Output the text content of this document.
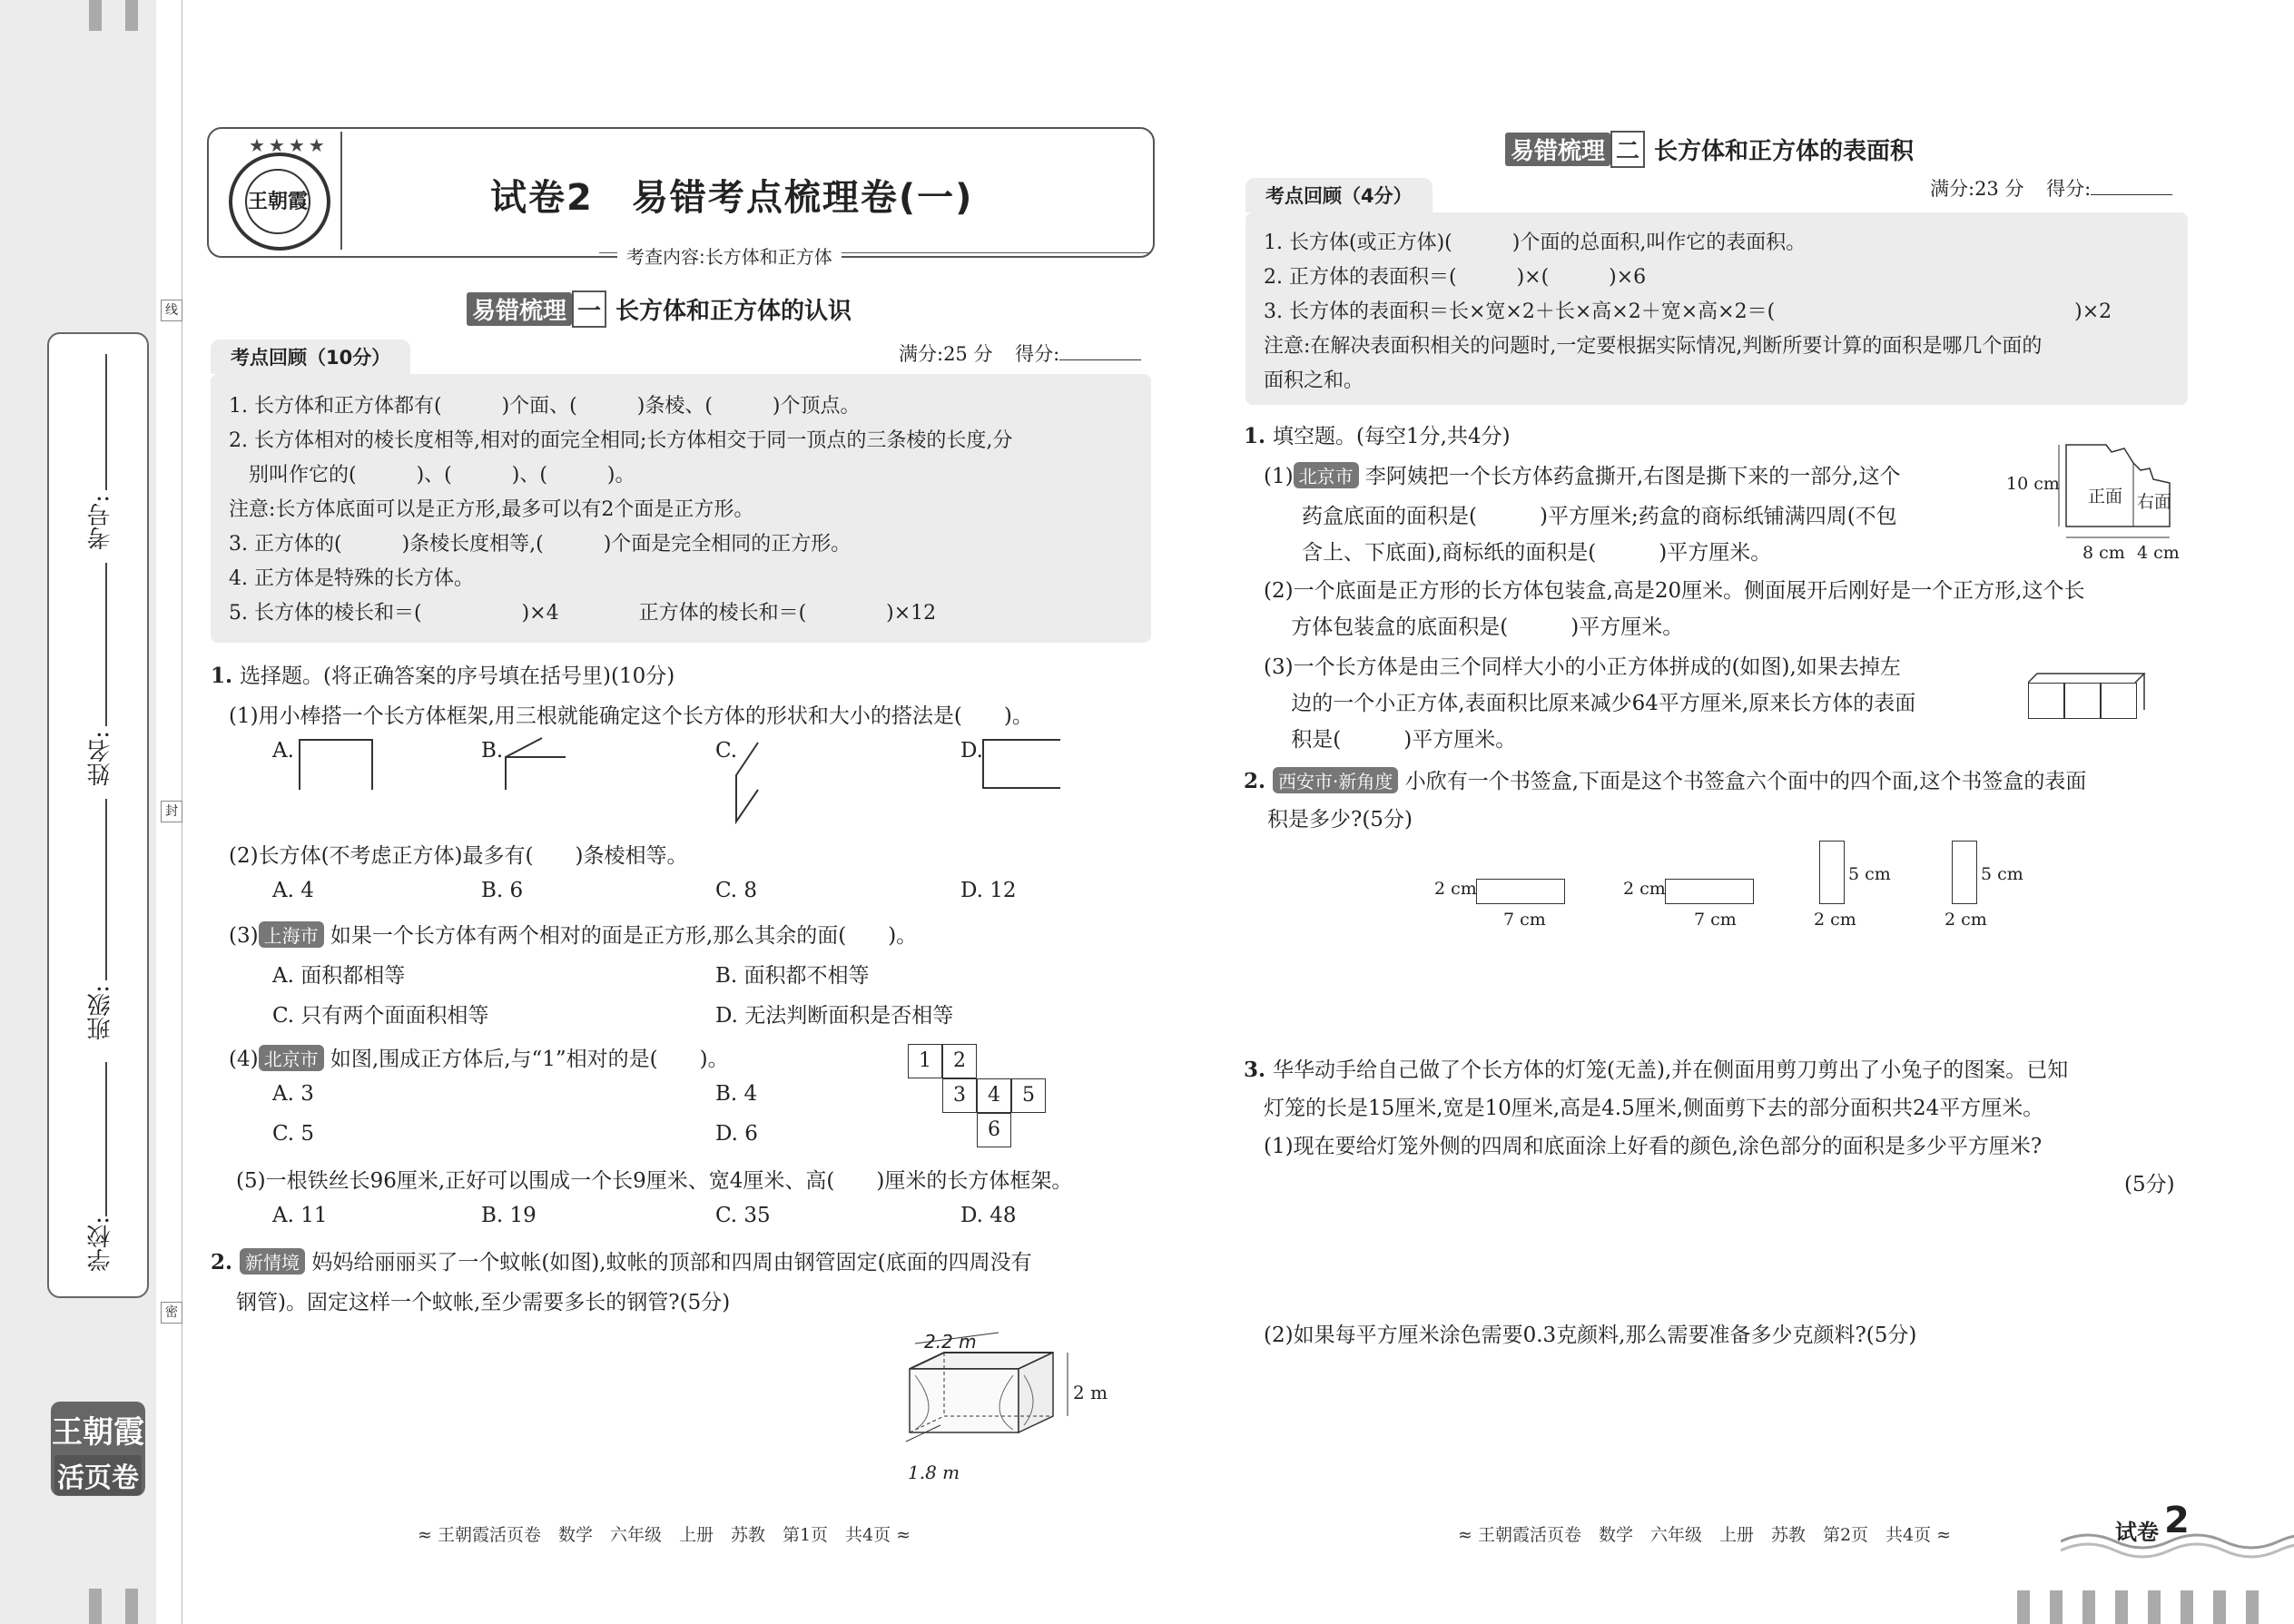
学校:
班级:
姓名:
考号:
线
封
密
王朝霞
活页卷
王朝霞
★★★★
试卷2　易错考点梳理卷(一)
考查内容:长方体和正方体
易错梳理 一 长方体和正方体的认识
考点回顾（10分）	满分:25 分 得分:
1. 长方体和正方体都有(　　　)个面、(　　　)条棱、(　　　)个顶点。
2. 长方体相对的棱长度相等,相对的面完全相同;长方体相交于同一顶点的三条棱的长度,分
　别叫作它的(　　　)、(　　　)、(　　　)。
注意:长方体底面可以是正方形,最多可以有2个面是正方形。
3. 正方体的(　　　)条棱长度相等,(　　　)个面是完全相同的正方形。
4. 正方体是特殊的长方体。
5. 长方体的棱长和＝(　　　　　)×4　　　　正方体的棱长和＝(　　　　)×12
1. 选择题。(将正确答案的序号填在括号里)(10分)
(1)用小棒搭一个长方体框架,用三根就能确定这个长方体的形状和大小的搭法是(　　)。
A.	B.	C.	D.
(2)长方体(不考虑正方体)最多有(　　)条棱相等。
A. 4	B. 6	C. 8	D. 12
(3) 上海市 如果一个长方体有两个相对的面是正方形,那么其余的面(　　)。
A. 面积都相等	B. 面积都不相等
C. 只有两个面面积相等	D. 无法判断面积是否相等
(4) 北京市 如图,围成正方体后,与“1”相对的是(　　)。
A. 3	B. 4
C. 5	D. 6
1	2
3	4	5
6
(5)一根铁丝长96厘米,正好可以围成一个长9厘米、宽4厘米、高(　　)厘米的长方体框架。
A. 11	B. 19	C. 35	D. 48
2. 新情境 妈妈给丽丽买了一个蚊帐(如图),蚊帐的顶部和四周由钢管固定(底面的四周没有
钢管)。固定这样一个蚊帐,至少需要多长的钢管?(5分)
2.2 m
2 m
1.8 m
≈ 王朝霞活页卷　数学　六年级　上册　苏教　第1页　共4页 ≈
易错梳理 二 长方体和正方体的表面积
考点回顾（4分）	满分:23 分 得分:
1. 长方体(或正方体)(　　　)个面的总面积,叫作它的表面积。
2. 正方体的表面积＝(　　　)×(　　　)×6
3. 长方体的表面积＝长×宽×2＋长×高×2＋宽×高×2＝(　　　　　　　　　　　　　　　)×2
注意:在解决表面积相关的问题时,一定要根据实际情况,判断所要计算的面积是哪几个面的
面积之和。
1. 填空题。(每空1分,共4分)
(1) 北京市 李阿姨把一个长方体药盒撕开,右图是撕下来的一部分,这个
药盒底面的面积是(　　　)平方厘米;药盒的商标纸铺满四周(不包
含上、下底面),商标纸的面积是(　　　)平方厘米。
10 cm
正面 右面
8 cm 4 cm
(2)一个底面是正方形的长方体包装盒,高是20厘米。侧面展开后刚好是一个正方形,这个长
　 方体包装盒的底面积是(　　　)平方厘米。
(3)一个长方体是由三个同样大小的小正方体拼成的(如图),如果去掉左
　 边的一个小正方体,表面积比原来减少64平方厘米,原来长方体的表面
　 积是(　　　)平方厘米。
2. 西安市·新角度 小欣有一个书签盒,下面是这个书签盒六个面中的四个面,这个书签盒的表面
积是多少?(5分)
2 cm
7 cm
2 cm
7 cm
5 cm
2 cm
5 cm
2 cm
3. 华华动手给自己做了个长方体的灯笼(无盖),并在侧面用剪刀剪出了小兔子的图案。已知
灯笼的长是15厘米,宽是10厘米,高是4.5厘米,侧面剪下去的部分面积共24平方厘米。
(1)现在要给灯笼外侧的四周和底面涂上好看的颜色,涂色部分的面积是多少平方厘米?
(5分)
(2)如果每平方厘米涂色需要0.3克颜料,那么需要准备多少克颜料?(5分)
≈ 王朝霞活页卷　数学　六年级　上册　苏教　第2页　共4页 ≈	试卷 2
